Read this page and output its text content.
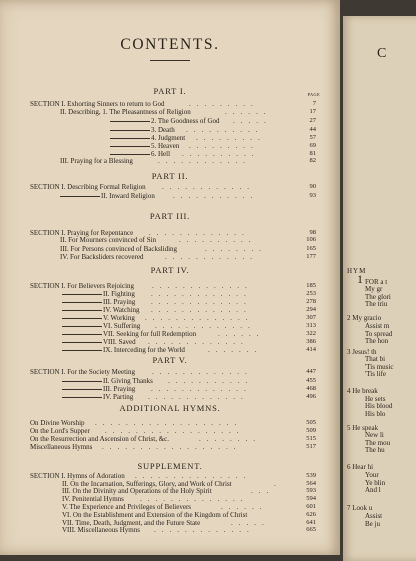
CONTENTS.
PAGE
PART I.
SECTION I. Exhorting Sinners to return to God	.........	7
II. Describing, 1. The Pleasantness of Religion	......	17
2. The Goodness of God .....	27
3. Death ..........	44
4. Judgment .........	57
5. Heaven .........	69
6. Hell ..........	81
III. Praying for a Blessing	............	82
PART II.
SECTION I. Describing Formal Religion ............	90
II. Inward Religion	...........	93
PART III.
SECTION I. Praying for Repentance .............	98
II. For Mourners convinced of Sin	..........	106
III. For Persons convinced of Backsliding	........	165
IV. For Backsliders recovered	............	177
PART IV.
SECTION I. For Believers Rejoicing	.............	185
II. Fighting .............	253
III. Praying .............	278
IV. Watching .............	294
V. Working ..............	307
VI. Suffering .............	313
VII. Seeking for full Redemption	......	322
VIII. Saved .............	386
IX. Interceding for the World	.......	414
PART V.
SECTION I. For the Society Meeting .............	447
II. Giving Thanks ...........	455
III. Praying .............	468
IV. Parting .............	496
ADDITIONAL HYMNS.
On Divine Worship ...................	505
On the Lord's Supper ..................	509
On the Resurrection and Ascension of Christ, &c.	........	515
Miscellaneous Hymns ..................	517
SUPPLEMENT.
SECTION I. Hymns of Adoration ...............	539
II. On the Incarnation, Sufferings, Glory, and Work of Christ	.	564
III. On the Divinity and Operations of the Holy Spirit	...	593
IV. Penitential Hymns ..............	594
V. The Experience and Privileges of Believers	......	601
VI. On the Establishment and Extension of the Kingdom of Christ	626
VII. Time, Death, Judgment, and the Future State	.....	641
VIII. Miscellaneous Hymns .............	665
C
HYM
1 FOR a t
My gr
The glori
The triu
2 My gracio
Assist m
To spread
The hon
3 Jesus! th
That bi
'Tis music
'Tis life
4 He break
He sets
His blood
His blo
5 He speak
New li
The mou
The hu
6 Hear hi
Your
Ye blin
And l
7 Look u
Assist
Be ju
